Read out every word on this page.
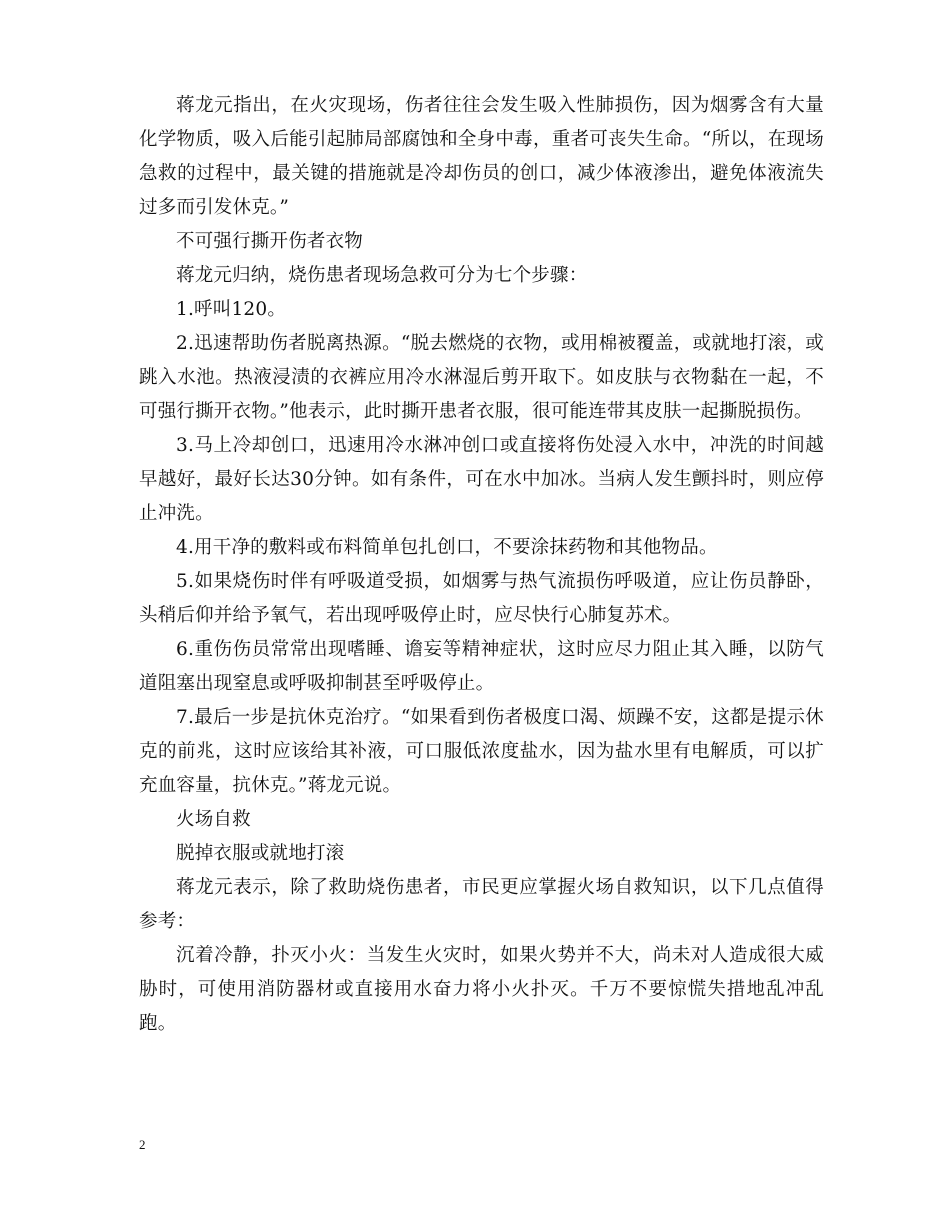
蒋龙元指出，在火灾现场，伤者往往会发生吸入性肺损伤，因为烟雾含有大量化学物质，吸入后能引起肺局部腐蚀和全身中毒，重者可丧失生命。“所以，在现场急救的过程中，最关键的措施就是冷却伤员的创口，减少体液渗出，避免体液流失过多而引发休克。”

不可强行撕开伤者衣物

蒋龙元归纳，烧伤患者现场急救可分为七个步骤：

1.呼叫120。

2.迅速帮助伤者脱离热源。“脱去燃烧的衣物，或用棉被覆盖，或就地打滚，或跳入水池。热液浸渍的衣裤应用冷水淋湿后剪开取下。如皮肤与衣物黏在一起，不可强行撕开衣物。”他表示，此时撕开患者衣服，很可能连带其皮肤一起撕脱损伤。

3.马上冷却创口，迅速用冷水淋冲创口或直接将伤处浸入水中，冲洗的时间越早越好，最好长达30分钟。如有条件，可在水中加冰。当病人发生颤抖时，则应停止冲洗。

4.用干净的敷料或布料简单包扎创口，不要涂抹药物和其他物品。

5.如果烧伤时伴有呼吸道受损，如烟雾与热气流损伤呼吸道，应让伤员静卧，头稍后仰并给予氧气，若出现呼吸停止时，应尽快行心肺复苏术。

6.重伤伤员常常出现嗜睡、谵妄等精神症状，这时应尽力阻止其入睡，以防气道阻塞出现窒息或呼吸抑制甚至呼吸停止。

7.最后一步是抗休克治疗。“如果看到伤者极度口渴、烦躁不安，这都是提示休克的前兆，这时应该给其补液，可口服低浓度盐水，因为盐水里有电解质，可以扩充血容量，抗休克。”蒋龙元说。

火场自救

脱掉衣服或就地打滚

蒋龙元表示，除了救助烧伤患者，市民更应掌握火场自救知识，以下几点值得参考：

沉着冷静，扑灭小火：当发生火灾时，如果火势并不大，尚未对人造成很大威胁时，可使用消防器材或直接用水奋力将小火扑灭。千万不要惊慌失措地乱冲乱跑。

2
